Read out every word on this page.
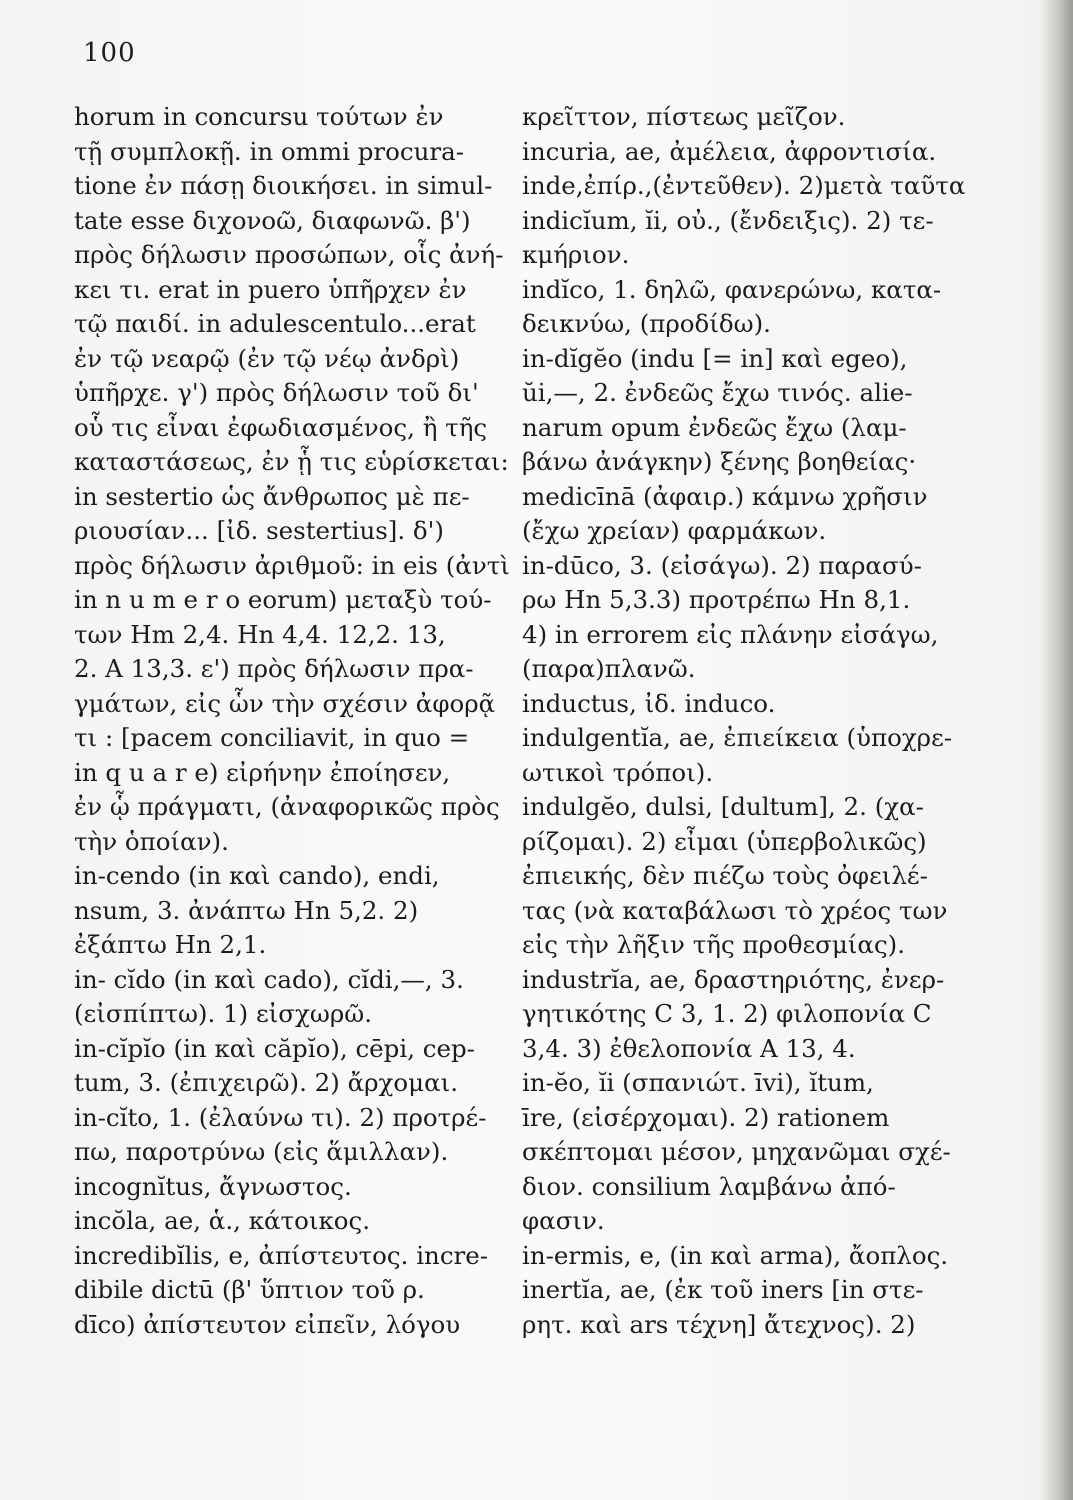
100
horum in concursu τούτων ἐν
τῇ συμπλοκῇ. in ommi procura-
tione ἐν πάσῃ διοικήσει. in simul-
tate esse διχονοῶ, διαφωνῶ. β')
πρὸς δήλωσιν προσώπων, οἷς ἀνή-
κει τι. erat in puero ὑπῆρχεν ἐν
τῷ παιδί. in adulescentulo...erat
ἐν τῷ νεαρῷ (ἐν τῷ νέῳ ἀνδρὶ)
ὑπῆρχε. γ') πρὸς δήλωσιν τοῦ δι'
οὗ τις εἶναι ἐφωδιασμένος, ἢ τῆς
καταστάσεως, ἐν ᾗ τις εὑρίσκεται:
in sestertio ὡς ἄνθρωπος μὲ πε-
ριουσίαν... [ἰδ. sestertius]. δ')
πρὸς δήλωσιν ἀριθμοῦ: in eis (ἀντὶ
in n u m e r o eorum) μεταξὺ τού-
των Hm 2,4. Hn 4,4. 12,2. 13,
2. A 13,3. ε') πρὸς δήλωσιν πρα-
γμάτων, εἰς ὧν τὴν σχέσιν ἀφορᾷ
τι : [pacem conciliavit, in quo =
in q u a r e) εἰρήνην ἐποίησεν,
ἐν ᾧ πράγματι, (ἀναφορικῶς πρὸς
τὴν ὁποίαν).
in-cendo (in καὶ cando), endi,
nsum, 3. ἀνάπτω Hn 5,2. 2)
ἐξάπτω Hn 2,1.
in- cĭdo (in καὶ cado), cĭdi,—, 3.
(εἰσπίπτω). 1) εἰσχωρῶ.
in-cĭpĭo (in καὶ căpĭo), cēpi, cep-
tum, 3. (ἐπιχειρῶ). 2) ἄρχομαι.
in-cĭto, 1. (ἐλαύνω τι). 2) προτρέ-
πω, παροτρύνω (εἰς ἅμιλλαν).
incognĭtus, ἄγνωστος.
incŏla, ae, ἁ., κάτοικος.
incredibĭlis, e, ἀπίστευτος. incre-
dibile dictū (β' ὕπτιον τοῦ ρ.
dīco) ἀπίστευτον εἰπεῖν, λόγου
κρεῖττον, πίστεως μεῖζον.
incuria, ae, ἀμέλεια, ἀφροντισία.
inde,ἐπίρ.,(ἐντεῦθεν). 2)μετὰ ταῦτα
indicĭum, ĭi, οὐ., (ἔνδειξις). 2) τε-
κμήριον.
indĭco, 1. δηλῶ, φανερώνω, κατα-
δεικνύω, (προδίδω).
in-dĭgĕo (indu [= in] καὶ egeo),
ŭi,—, 2. ἐνδεῶς ἔχω τινός. alie-
narum opum ἐνδεῶς ἔχω (λαμ-
βάνω ἀνάγκην) ξένης βοηθείας·
medicīnā (ἀφαιρ.) κάμνω χρῆσιν
(ἔχω χρείαν) φαρμάκων.
in-dūco, 3. (εἰσάγω). 2) παρασύ-
ρω Hn 5,3.3) προτρέπω Hn 8,1.
4) in errorem εἰς πλάνην εἰσάγω,
(παρα)πλανῶ.
inductus, ἰδ. induco.
indulgentĭa, ae, ἐπιείκεια (ὑποχρε-
ωτικοὶ τρόποι).
indulgĕo, dulsi, [dultum], 2. (χα-
ρίζομαι). 2) εἶμαι (ὑπερβολικῶς)
ἐπιεικής, δὲν πιέζω τοὺς ὀφειλέ-
τας (νὰ καταβάλωσι τὸ χρέος των
εἰς τὴν λῆξιν τῆς προθεσμίας).
industrĭa, ae, δραστηριότης, ἐνερ-
γητικότης C 3, 1. 2) φιλοπονία C
3,4. 3) ἐθελοπονία A 13, 4.
in-ĕo, ĭi (σπανιώτ. īvi), ĭtum,
īre, (εἰσέρχομαι). 2) rationem
σκέπτομαι μέσον, μηχανῶμαι σχέ-
διον. consilium λαμβάνω ἀπό-
φασιν.
in-ermis, e, (in καὶ arma), ἄοπλος.
inertĭa, ae, (ἐκ τοῦ iners [in στε-
ρητ. καὶ ars τέχνη] ἄτεχνος). 2)
